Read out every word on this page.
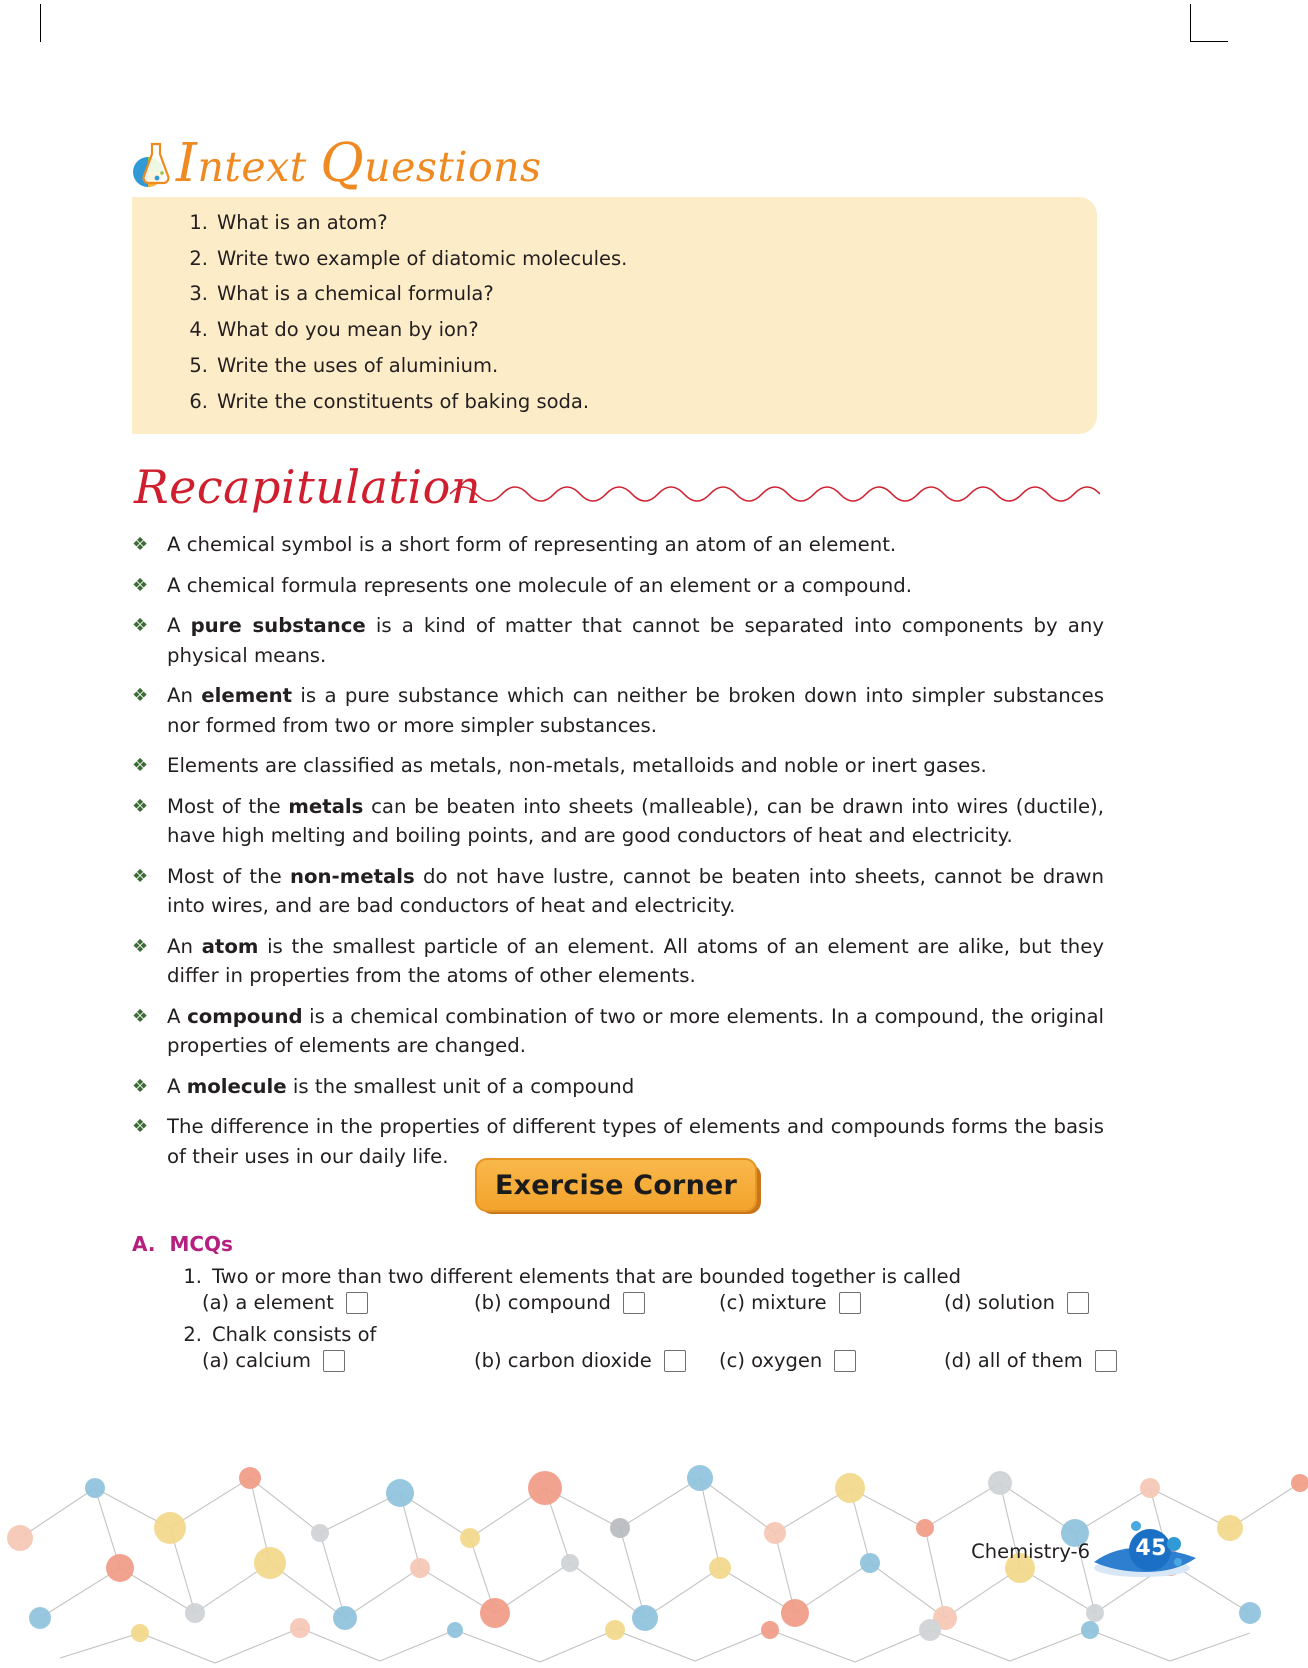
Intext Questions
1. What is an atom?
2. Write two example of diatomic molecules.
3. What is a chemical formula?
4. What do you mean by ion?
5. Write the uses of aluminium.
6. Write the constituents of baking soda.
Recapitulation
❖ A chemical symbol is a short form of representing an atom of an element.
❖ A chemical formula represents one molecule of an element or a compound.
❖ A pure substance is a kind of matter that cannot be separated into components by any physical means.
❖ An element is a pure substance which can neither be broken down into simpler substances nor formed from two or more simpler substances.
❖ Elements are classified as metals, non-metals, metalloids and noble or inert gases.
❖ Most of the metals can be beaten into sheets (malleable), can be drawn into wires (ductile), have high melting and boiling points, and are good conductors of heat and electricity.
❖ Most of the non-metals do not have lustre, cannot be beaten into sheets, cannot be drawn into wires, and are bad conductors of heat and electricity.
❖ An atom is the smallest particle of an element. All atoms of an element are alike, but they differ in properties from the atoms of other elements.
❖ A compound is a chemical combination of two or more elements. In a compound, the original properties of elements are changed.
❖ A molecule is the smallest unit of a compound
❖ The difference in the properties of different types of elements and compounds forms the basis of their uses in our daily life.
Exercise Corner
A. MCQs
1. Two or more than two different elements that are bounded together is called
(a) a element	(b) compound	(c) mixture	(d) solution
2. Chalk consists of
(a) calcium	(b) carbon dioxide	(c) oxygen	(d) all of them
Chemistry-6 45
